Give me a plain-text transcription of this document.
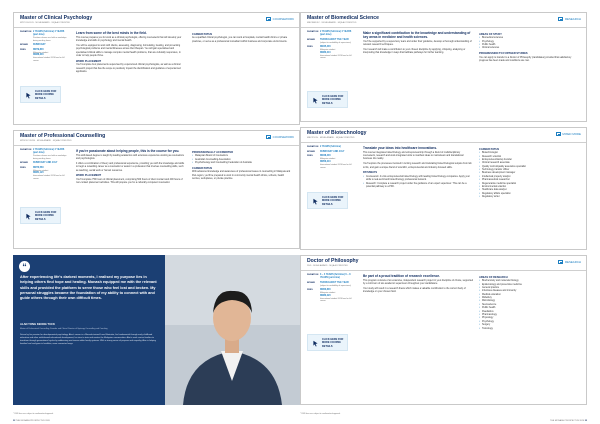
Master of Clinical Psychology
MPSYCHCLIN · MOHE AWARD · MQA ACCREDITED
COURSEWORK
DURATION 2 YEARS (full-time) 4 YEARS (part-time)
Part-time classes are held on weekdays during working hours
INTAKE	FEBRUARY
FEES	RM79,800
Malaysian student
RM88,300
International student 2026 fees for full course
CLICK HERE FOR MORE COURSE DETAILS

Learn from some of the best minds in the field.

This course prepares you for work as a clinical psychologist, offering coursework that will develop your knowledge and skills in psychology and mental health.

You will be equipped to work with clients, assessing, diagnosing, formulating, treating, and preventing psychological problems and mental illnesses across their lifespan. You will gain specialised and specialised clinical skills to manage complex mental health problems, that are culturally responsive, in order to help people thrive.

WORK PLACEMENT

You'll complete four placements supervised by experienced clinical psychologists, as well as a clinical research project that has the scope to positively impact the identification and guidance of experienced applicants.

CAREER PATHS

As a qualified clinical psychologist, you can work at hospitals, mental health clinics or private practices, or serve as a professional consultant within business and corporate environments.

Master of Professional Counselling
MPROFCOUNS · MOHE AWARD · MQA ACCREDITED
COURSEWORK
DURATION 2 YEARS (full-time) 4 YEARS (part-time)
Part-time classes are held on weekdays during working hours
INTAKE	FEBRUARY AND JULY
FEES	RM73,560
Malaysian student
RM81,120
International student 2026 fees for full course
CLICK HERE FOR MORE COURSE DETAILS

If you're passionate about helping people, this is the course for you.

This skill-based degree is taught by leading academics with extensive experience working as counsellors and psychologists.

It offers a combination of theory and professional experience, providing you with the knowledge and skills to begin a rewarding career as a counsellor or assist in a profession that involves counselling skills, such as teaching, social work or human resources.

WORK PLACEMENT

You'll complete 750 hours of clinical placement, comprising 500 hours of client contact and 400 hours of non-contact placement activities. This will prepare you for a culturally competent counsellor.

PROFESSIONALLY ACCREDITED
• Malaysian Board of Counsellors
• Australian Counselling Association
• Psychotherapy and Counselling Federation of Australia
CAREER PATHS

With advanced knowledge and awareness of professional issues in counselling in Malaysia and Pan-region, you'll be prepared to work in community mental health clinics, schools, health centres, workplaces, or private practice.

“
After experiencing life's darkest moments, I realised my purpose lies in helping others find hope and healing. Monash equipped me with the relevant skills and provided the platform to serve those who feel lost and broken. My personal struggles became the foundation of my ability to connect with and guide others through their own difficult times.
ALAN YONG KEONG TUCK
Master of Professional Counselling; Founder and Clinical Director of Syntropy Counselling and Coaching
Driven by his passion for developmental psychology, Alan's career in a Monash-trained Loan Bluetriste, his fundamental through early childhood education and other adult-based educational development, he aims to train and mentor the Malaysian communities. Alan's work carries families to transform through generational cycles by addressing root issues within family systems. With a strong sense of purpose and empathy, Alan is helping families heal and grow in healthier, more connected ways.
* 2026 fees are subject to confirmation/approval.
32 THE MONASH PROSPECTUS 2026
Master of Biomedical Science
MBIOMEDSC · MOHE AWARD · MQA ACCREDITED
RESEARCH
DURATION 2 YEARS (full-time) 4 YEARS (part-time)
INTAKE	THROUGHOUT THE YEAR
(subject to availability of supervisors)
FEES	RM45,400
Malaysian student
RM80,210
International student 2026 fees for full course
CLICK HERE FOR MORE COURSE DETAILS

Make a significant contribution to the knowledge and understanding of key areas in medicine and health sciences.

You'll be supported by a supervisory team and under their guidance, develop a thorough understanding of relevant research techniques.

Your research will make a contribution to your chosen discipline by applying, critiquing, analysing or interpreting that knowledge in ways that facilitate pathways for further learning.

AREAS OF STUDY
• Biomedical sciences
• Psychology
• Public health
• Clinical sciences
PROGRESSION TO FURTHER STUDIES

You can apply to transfer to a Doctor of Philosophy (candidates) provided that satisfactory progress has been made and conditions are met.

Master of Biotechnology
MBIOTECH · MOHE AWARD · MQA ACCREDITED
MIXED MODE
DURATION 2 YEARS (full-time)
INTAKE	FEBRUARY AND JULY
FEES	RM48,400
Malaysian student
RM56,210
International student 2026 fees for full course
CLICK HERE FOR MORE COURSE DETAILS

Translate your ideas into healthcare innovations.

This course integrates biotechnology and entrepreneurship through a blend of multidisciplinary coursework, research and work-integrated units to manifest ideas to mainstream and translational business into reality.

You'll explore the processes involved in turning research and translating biotechnological outputs from lab to life, and gain a unique blend of scientific, entrepreneurial and industry-focused skills.

PATHWAYS
• Coursework: 4 units entrepreneurial biotechnology with leading biotechnology companies. Apply your skills to real-world and biotechnology professional network.
• Research: Complete a research project under the guidance of an expert supervisor. This can be a potential pathway to a PhD.
CAREER PATHS
• Biotechnologist
• Research scientist
• Entrepreneur/startup founder
• Clinical research associate
• Quality control/quality assurance specialist
• Technology transfer officer
• Business development manager
• Intellectual property analyst
• Pharmaceutical researcher
• Regenerative medicine specialist
• Environmental scientist
• Healthcare data analyst
• Regulatory affairs specialist
• Regulatory writer
Doctor of Philosophy
PHD · MOHE AWARD · MQA ACCREDITED
RESEARCH
DURATION 3 – 4 YEARS (full-time) 6 – 8 YEARS (part-time)
INTAKE	THROUGHOUT THE YEAR
(subject to availability of supervisors)
FEES	RM60,800
Malaysian student
RM80,220
International student 2026 fees for full course
CLICK HERE FOR MORE COURSE DETAILS

Be part of a proud tradition of research excellence.

This program consists of an extensive, independent research project in your discipline of choice, supported by a minimum of two academic supervisors throughout your candidature.

Your study will result in a research thesis which makes a valuable contribution to the current body of knowledge on your chosen field.

AREAS OF RESEARCH
• Biochemistry and molecular biology
• Epidemiology and preventive medicine
• General practice
• Infectious diseases and immunity
• Medical education
• Midwifery
• Microbiology
• Neuroscience
• Public health
• Paediatrics
• Pharmacology
• Physiology
• Psychology
• Surgery
• Toxicology
* 2026 fees are subject to confirmation/approval.
THE MONASH PROSPECTUS 2026 33
